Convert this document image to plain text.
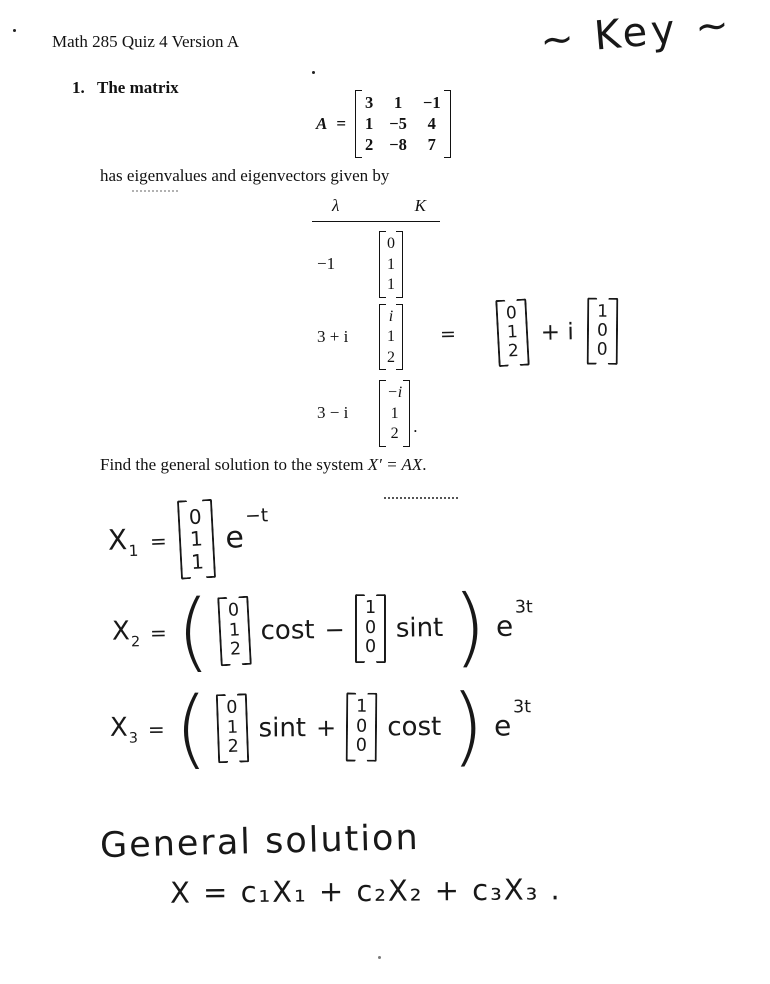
Math 285 Quiz 4 Version A	~ Key ~
1. The matrix
A =
3 1 −1
1 −5 4
2 −8 7
has eigenvalues and eigenvectors given by
λ	K
−1
0
1
1
3 + i
i
1
2
3 − i
−i
1
2 .
=
0
1
2
+ i
1
0
0
Find the general solution to the system X′ = AX.
$X_1$ =
0
1
1
$e^{-t}$
$X_2$ = ( 0
1
2
cost −
1
0
0
sint ) $e^{3t}$
$X_3$ = ( 0
1
2
sint +
1
0
0
cost ) $e^{3t}$
General solution
X = c₁X₁ + c₂X₂ + c₃X₃ .
